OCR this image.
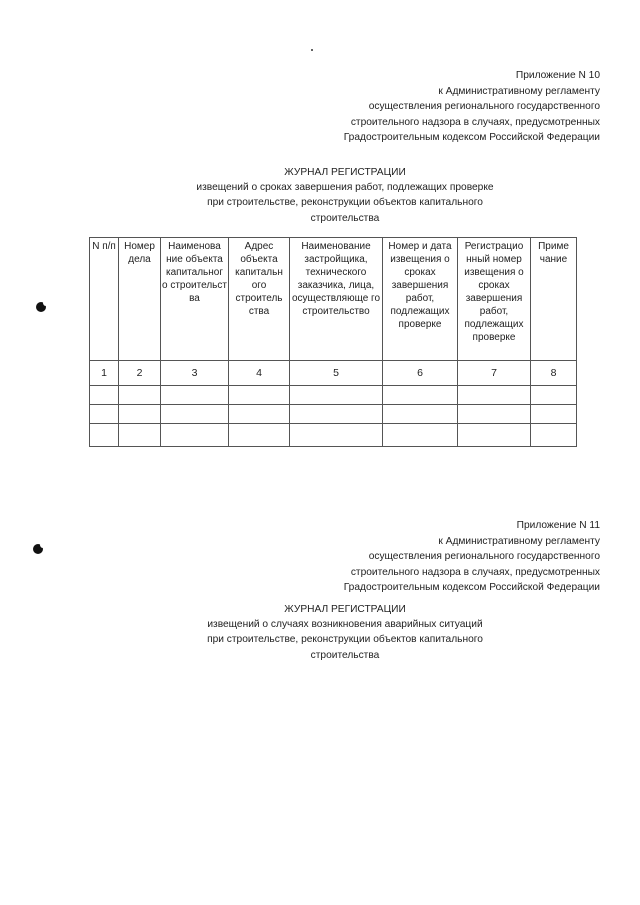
Приложение N 10
к Административному регламенту
осуществления регионального государственного
строительного надзора в случаях, предусмотренных
Градостроительным кодексом Российской Федерации
ЖУРНАЛ РЕГИСТРАЦИИ
извещений о сроках завершения работ, подлежащих проверке
при строительстве, реконструкции объектов капитального
строительства
N п/п	Номер дела	Наименова ние объекта капитальног о строительст ва	Адрес объекта капитальн ого строитель ства	Наименование застройщика, технического заказчика, лица, осуществляюще го строительство	Номер и дата извещения о сроках завершения работ, подлежащих проверке	Регистрацио нный номер извещения о сроках завершения работ, подлежащих проверке	Приме чание
1	2	3	4	5	6	7	8

Приложение N 11
к Административному регламенту
осуществления регионального государственного
строительного надзора в случаях, предусмотренных
Градостроительным кодексом Российской Федерации
ЖУРНАЛ РЕГИСТРАЦИИ
извещений о случаях возникновения аварийных ситуаций
при строительстве, реконструкции объектов капитального
строительства
